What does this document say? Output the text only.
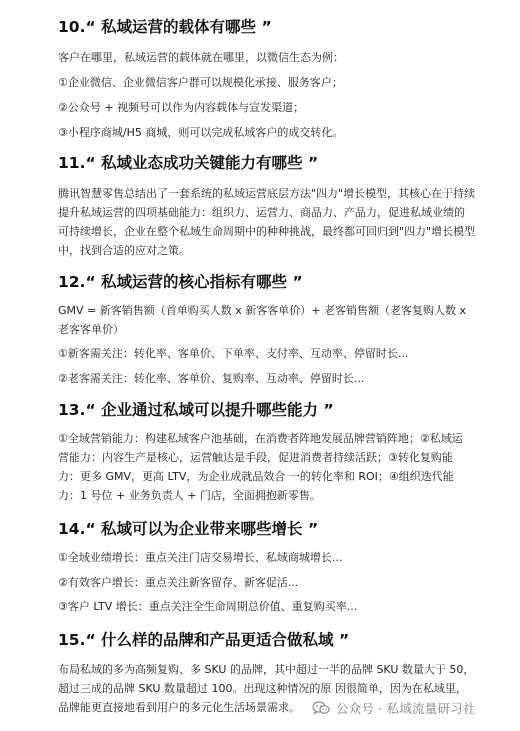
10.“ 私域运营的载体有哪些 ”
客户在哪里，私域运营的载体就在哪里，以微信生态为例：
①企业微信、企业微信客户群可以规模化承接、服务客户；
②公众号 + 视频号可以作为内容载体与宣发渠道；
③小程序商城/H5 商城，则可以完成私域客户的成交转化。
11.“ 私域业态成功关键能力有哪些 ”
腾讯智慧零售总结出了一套系统的私域运营底层方法"四力"增长模型，其核心在于持续
提升私域运营的四项基础能力：组织力、运营力、商品力、产品力，促进私域业绩的
可持续增长，企业在整个私域生命周期中的种种挑战，最终都可回归到"四力"增长模型
中，找到合适的应对之策。
12.“ 私域运营的核心指标有哪些 ”
GMV = 新客销售额（首单购买人数 x 新客客单价）+ 老客销售额（老客复购人数 x
老客客单价）
①新客需关注：转化率、客单价、下单率、支付率、互动率、停留时长...
②老客需关注：转化率、客单价、复购率、互动率、停留时长...
13.“ 企业通过私域可以提升哪些能力 ”
①全域营销能力：构建私域客户池基础，在消费者阵地发展品牌营销阵地；②私域运
营能力：内容生产是核心，运营触达是手段，促进消费者持续活跃；③转化复购能
力：更多 GMV，更高 LTV，为企业成就品效合 一的转化率和 ROI；④组织迭代能
力：1 号位 + 业务负责人 + 门店，全面拥抱新零售。
14.“ 私域可以为企业带来哪些增长 ”
①全域业绩增长：重点关注门店交易增长、私域商城增长...
②有效客户增长：重点关注新客留存、新客促活...
③客户 LTV 增长：重点关注全生命周期总价值、重复购买率...
15.“ 什么样的品牌和产品更适合做私域 ”
布局私域的多为高频复购、多 SKU 的品牌，其中超过一半的品牌 SKU 数量大于 50，
超过三成的品牌 SKU 数量超过 100。出现这种情况的原 因很简单，因为在私域里，
品牌能更直接地看到用户的多元化生活场景需求。	公众号 · 私域流量研习社
